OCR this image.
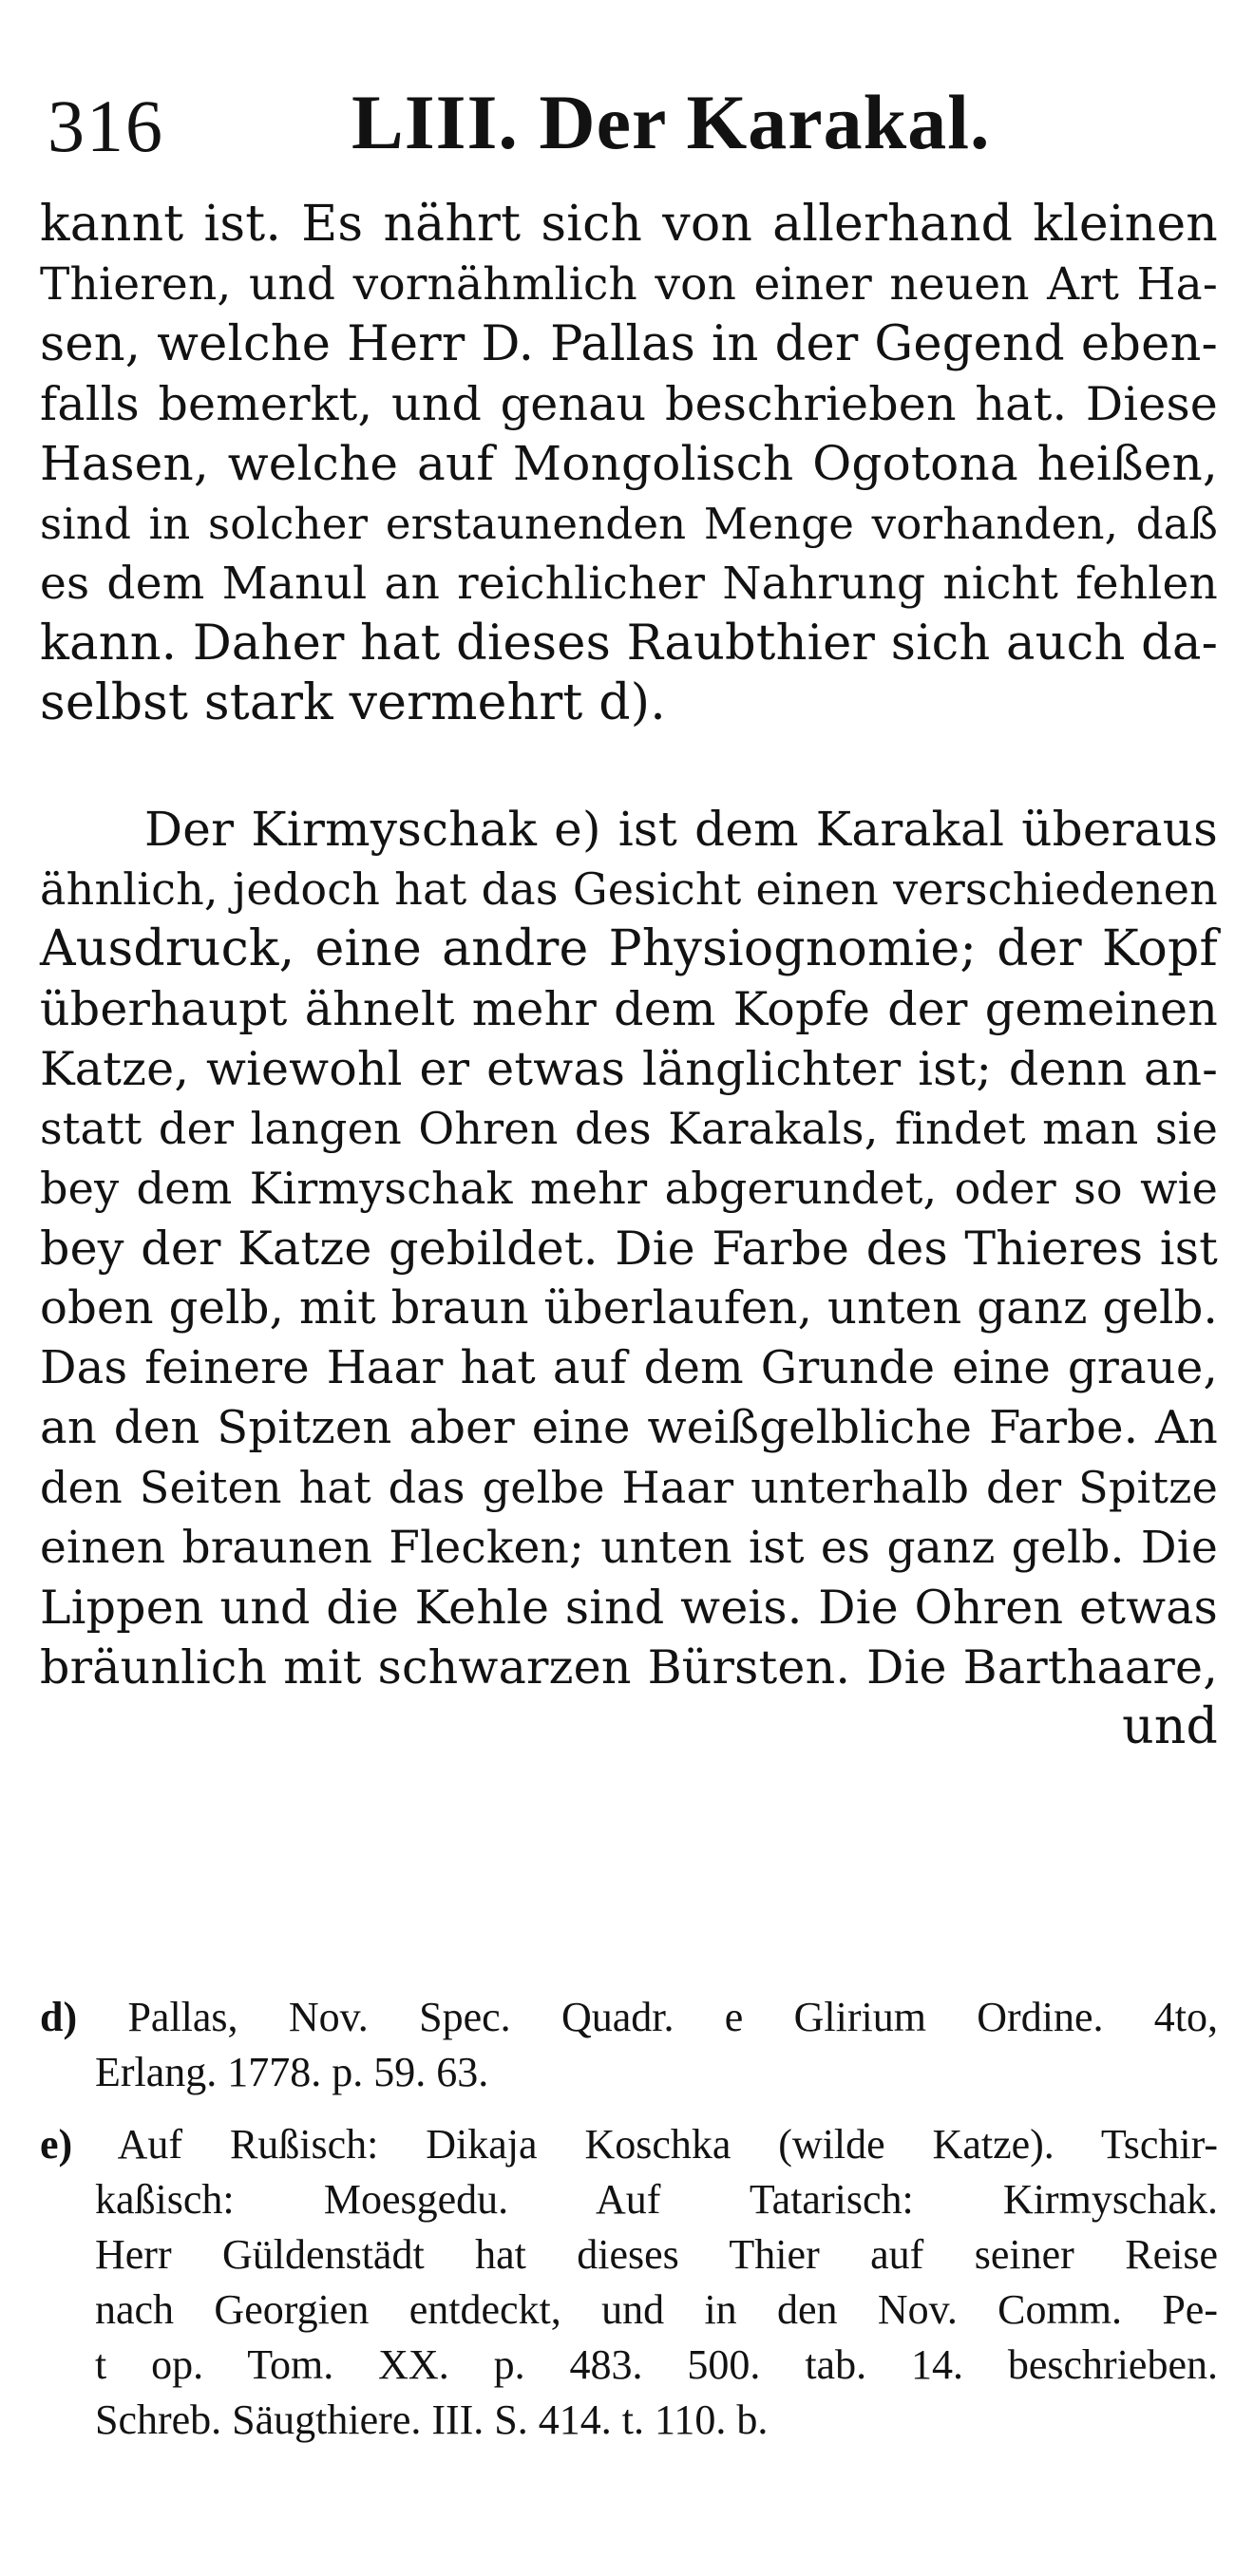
316 LIII. Der Karakal.
kannt ist. Es nährt sich von allerhand kleinen
Thieren, und vornähmlich von einer neuen Art Ha-
sen, welche Herr D. Pallas in der Gegend eben-
falls bemerkt, und genau beschrieben hat. Diese
Hasen, welche auf Mongolisch Ogotona heißen,
sind in solcher erstaunenden Menge vorhanden, daß
es dem Manul an reichlicher Nahrung nicht fehlen
kann. Daher hat dieses Raubthier sich auch da-
selbst stark vermehrt d).
Der Kirmyschak e) ist dem Karakal überaus
ähnlich, jedoch hat das Gesicht einen verschiedenen
Ausdruck, eine andre Physiognomie; der Kopf
überhaupt ähnelt mehr dem Kopfe der gemeinen
Katze, wiewohl er etwas länglichter ist; denn an-
statt der langen Ohren des Karakals, findet man sie
bey dem Kirmyschak mehr abgerundet, oder so wie
bey der Katze gebildet. Die Farbe des Thieres ist
oben gelb, mit braun überlaufen, unten ganz gelb.
Das feinere Haar hat auf dem Grunde eine graue,
an den Spitzen aber eine weißgelbliche Farbe. An
den Seiten hat das gelbe Haar unterhalb der Spitze
einen braunen Flecken; unten ist es ganz gelb. Die
Lippen und die Kehle sind weis. Die Ohren etwas
bräunlich mit schwarzen Bürsten. Die Barthaare,
und
d) Pallas, Nov. Spec. Quadr. e Glirium Ordine. 4to,
Erlang. 1778. p. 59. 63.
e) Auf Rußisch: Dikaja Koschka (wilde Katze). Tschir-
kaßisch: Moesgedu. Auf Tatarisch: Kirmyschak.
Herr Güldenstädt hat dieses Thier auf seiner Reise
nach Georgien entdeckt, und in den Nov. Comm. Pe-
t op. Tom. XX. p. 483. 500. tab. 14. beschrieben.
Schreb. Säugthiere. III. S. 414. t. 110. b.
